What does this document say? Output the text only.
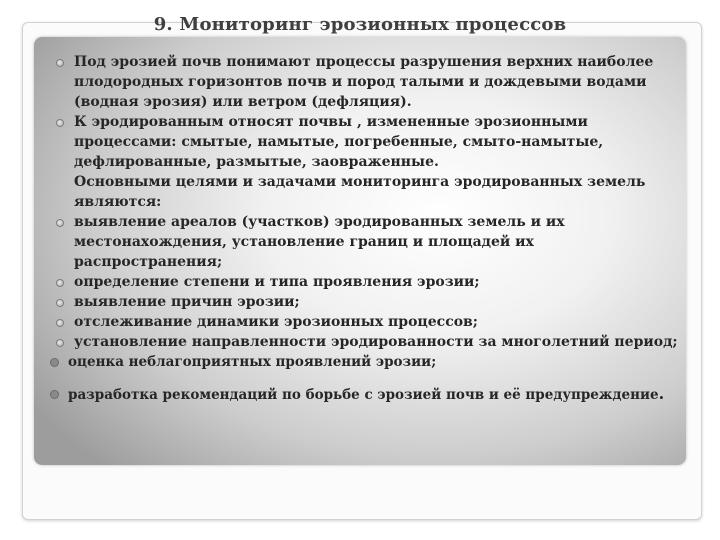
9. Мониторинг эрозионных процессов

Под эрозией почв понимают процессы разрушения верхних наиболее плодородных горизонтов почв и пород талыми и дождевыми водами (водная эрозия) или ветром (дефляция).

К эродированным относят почвы , измененные эрозионными процессами: смытые, намытые, погребенные, смыто-намытые, дефлированные, размытые, заовраженные.

Основными целями и задачами мониторинга эродированных земель являются:

выявление ареалов (участков) эродированных земель и их местонахождения, установление границ и площадей их распространения;

определение степени и типа проявления эрозии;

выявление причин эрозии;

отслеживание динамики эрозионных процессов;

установление направленности эродированности за многолетний период;

оценка неблагоприятных проявлений эрозии;

разработка рекомендаций по борьбе с эрозией почв и её предупреждение.
